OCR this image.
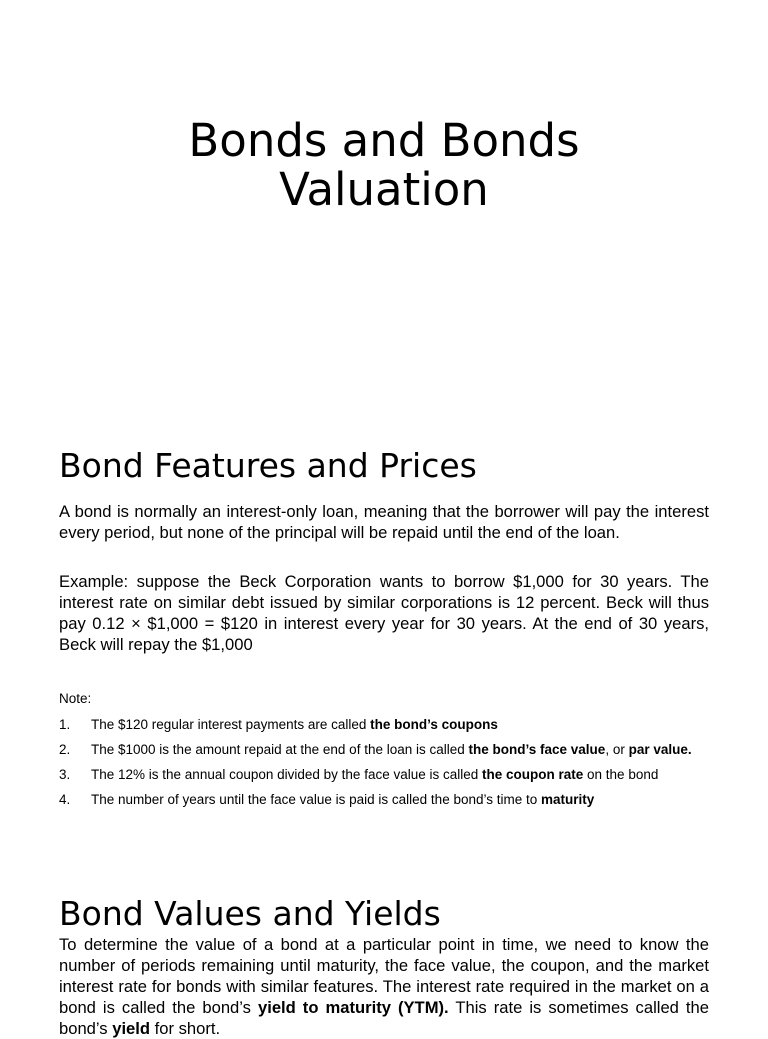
Bonds and Bonds
Valuation
Bond Features and Prices

A bond is normally an interest-only loan, meaning that the borrower will pay the interest every period, but none of the principal will be repaid until the end of the loan.

Example: suppose the Beck Corporation wants to borrow $1,000 for 30 years. The interest rate on similar debt issued by similar corporations is 12 percent. Beck will thus pay 0.12 × $1,000 = $120 in interest every year for 30 years. At the end of 30 years, Beck will repay the $1,000

Note:

1. The $120 regular interest payments are called the bond’s coupons
2. The $1000 is the amount repaid at the end of the loan is called the bond’s face value, or par value.
3. The 12% is the annual coupon divided by the face value is called the coupon rate on the bond
4. The number of years until the face value is paid is called the bond’s time to maturity
Bond Values and Yields

To determine the value of a bond at a particular point in time, we need to know the number of periods remaining until maturity, the face value, the coupon, and the market interest rate for bonds with similar features. The interest rate required in the market on a bond is called the bond’s yield to maturity (YTM). This rate is sometimes called the bond’s yield for short.
